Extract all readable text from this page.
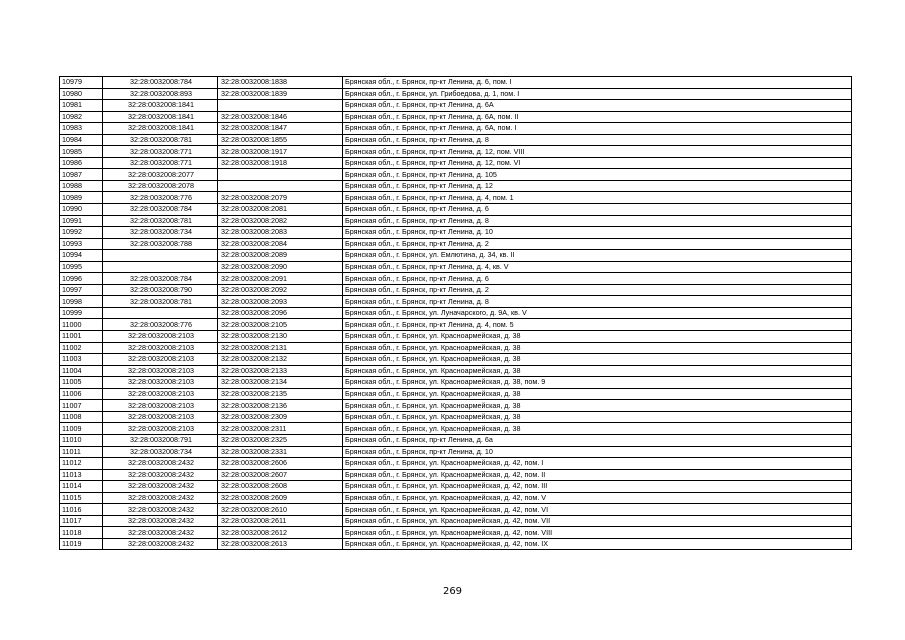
10979	32:28:0032008:784	32:28:0032008:1838	Брянская обл., г. Брянск, пр-кт Ленина, д. 6, пом. I
10980	32:28:0032008:893	32:28:0032008:1839	Брянская обл., г. Брянск, ул. Грибоедова, д. 1, пом. I
10981	32:28:0032008:1841		Брянская обл., г. Брянск, пр-кт Ленина, д. 6А
10982	32:28:0032008:1841	32:28:0032008:1846	Брянская обл., г. Брянск, пр-кт Ленина, д. 6А, пом. II
10983	32:28:0032008:1841	32:28:0032008:1847	Брянская обл., г. Брянск, пр-кт Ленина, д. 6А, пом. I
10984	32:28:0032008:781	32:28:0032008:1855	Брянская обл., г. Брянск, пр-кт Ленина, д. 8
10985	32:28:0032008:771	32:28:0032008:1917	Брянская обл., г. Брянск, пр-кт Ленина, д. 12, пом. VIII
10986	32:28:0032008:771	32:28:0032008:1918	Брянская обл., г. Брянск, пр-кт Ленина, д. 12, пом. VI
10987	32:28:0032008:2077		Брянская обл., г. Брянск, пр-кт Ленина, д. 105
10988	32:28:0032008:2078		Брянская обл., г. Брянск, пр-кт Ленина, д. 12
10989	32:28:0032008:776	32:28:0032008:2079	Брянская обл., г. Брянск, пр-кт Ленина, д. 4, пом. 1
10990	32:28:0032008:784	32:28:0032008:2081	Брянская обл., г. Брянск, пр-кт Ленина, д. 6
10991	32:28:0032008:781	32:28:0032008:2082	Брянская обл., г. Брянск, пр-кт Ленина, д. 8
10992	32:28:0032008:734	32:28:0032008:2083	Брянская обл., г. Брянск, пр-кт Ленина, д. 10
10993	32:28:0032008:788	32:28:0032008:2084	Брянская обл., г. Брянск, пр-кт Ленина, д. 2
10994		32:28:0032008:2089	Брянская обл., г. Брянск, ул. Емлютина, д. 34, кв. II
10995		32:28:0032008:2090	Брянская обл., г. Брянск, пр-кт Ленина, д. 4, кв. V
10996	32:28:0032008:784	32:28:0032008:2091	Брянская обл., г. Брянск, пр-кт Ленина, д. 6
10997	32:28:0032008:790	32:28:0032008:2092	Брянская обл., г. Брянск, пр-кт Ленина, д. 2
10998	32:28:0032008:781	32:28:0032008:2093	Брянская обл., г. Брянск, пр-кт Ленина, д. 8
10999		32:28:0032008:2096	Брянская обл., г. Брянск, ул. Луначарского, д. 9А, кв. V
11000	32:28:0032008:776	32:28:0032008:2105	Брянская обл., г. Брянск, пр-кт Ленина, д. 4, пом. 5
11001	32:28:0032008:2103	32:28:0032008:2130	Брянская обл., г. Брянск, ул. Красноармейская, д. 38
11002	32:28:0032008:2103	32:28:0032008:2131	Брянская обл., г. Брянск, ул. Красноармейская, д. 38
11003	32:28:0032008:2103	32:28:0032008:2132	Брянская обл., г. Брянск, ул. Красноармейская, д. 38
11004	32:28:0032008:2103	32:28:0032008:2133	Брянская обл., г. Брянск, ул. Красноармейская, д. 38
11005	32:28:0032008:2103	32:28:0032008:2134	Брянская обл., г. Брянск, ул. Красноармейская, д. 38, пом. 9
11006	32:28:0032008:2103	32:28:0032008:2135	Брянская обл., г. Брянск, ул. Красноармейская, д. 38
11007	32:28:0032008:2103	32:28:0032008:2136	Брянская обл., г. Брянск, ул. Красноармейская, д. 38
11008	32:28:0032008:2103	32:28:0032008:2309	Брянская обл., г. Брянск, ул. Красноармейская, д. 38
11009	32:28:0032008:2103	32:28:0032008:2311	Брянская обл., г. Брянск, ул. Красноармейская, д. 38
11010	32:28:0032008:791	32:28:0032008:2325	Брянская обл., г. Брянск, пр-кт Ленина, д. 6а
11011	32:28:0032008:734	32:28:0032008:2331	Брянская обл., г. Брянск, пр-кт Ленина, д. 10
11012	32:28:0032008:2432	32:28:0032008:2606	Брянская обл., г. Брянск, ул. Красноармейская, д. 42, пом. I
11013	32:28:0032008:2432	32:28:0032008:2607	Брянская обл., г. Брянск, ул. Красноармейская, д. 42, пом. II
11014	32:28:0032008:2432	32:28:0032008:2608	Брянская обл., г. Брянск, ул. Красноармейская, д. 42, пом. III
11015	32:28:0032008:2432	32:28:0032008:2609	Брянская обл., г. Брянск, ул. Красноармейская, д. 42, пом. V
11016	32:28:0032008:2432	32:28:0032008:2610	Брянская обл., г. Брянск, ул. Красноармейская, д. 42, пом. VI
11017	32:28:0032008:2432	32:28:0032008:2611	Брянская обл., г. Брянск, ул. Красноармейская, д. 42, пом. VII
11018	32:28:0032008:2432	32:28:0032008:2612	Брянская обл., г. Брянск, ул. Красноармейская, д. 42, пом. VIII
11019	32:28:0032008:2432	32:28:0032008:2613	Брянская обл., г. Брянск, ул. Красноармейская, д. 42, пом. IX
269
